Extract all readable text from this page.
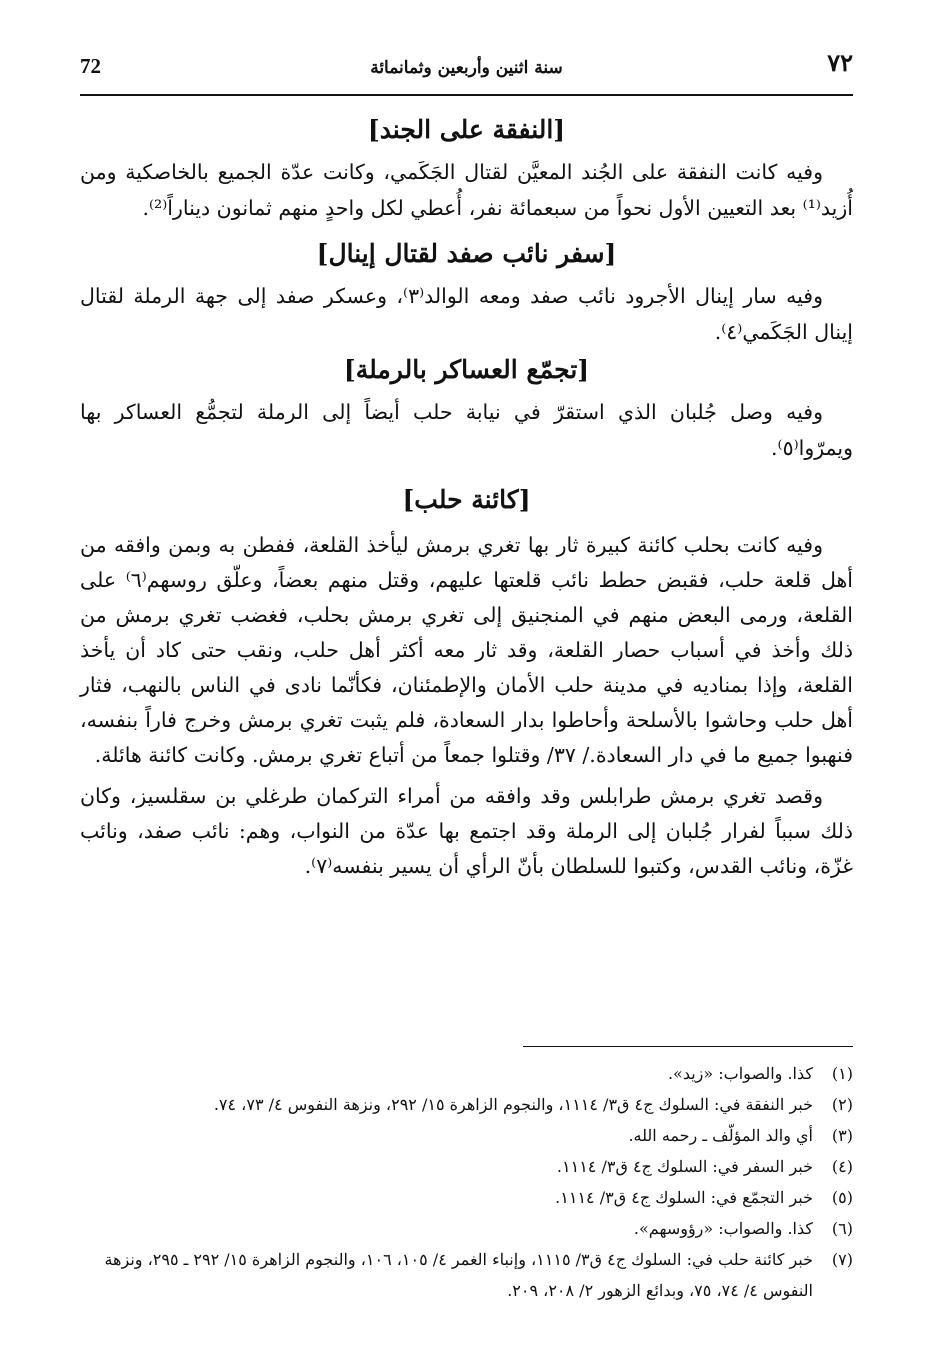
72	سنة اثنين وأربعين وثمانمائة	٧٢
[النفقة على الجند]

وفيه كانت النفقة على الجُند المعيَّن لقتال الجَكَمي، وكانت عدّة الجميع بالخاصكية ومن أُزيد⁽¹⁾ بعد التعيين الأول نحواً من سبعمائة نفر، أُعطي لكل واحدٍ منهم ثمانون ديناراً⁽²⁾.

[سفر نائب صفد لقتال إينال]

وفيه سار إينال الأجرود نائب صفد ومعه الوالد⁽٣⁾، وعسكر صفد إلى جهة الرملة لقتال إينال الجَكَمي⁽٤⁾.

[تجمّع العساكر بالرملة]

وفيه وصل جُلبان الذي استقرّ في نيابة حلب أيضاً إلى الرملة لتجمُّع العساكر بها ويمرّوا⁽٥⁾.

[كائنة حلب]

وفيه كانت بحلب كائنة كبيرة ثار بها تغري برمش ليأخذ القلعة، ففطن به وبمن وافقه من أهل قلعة حلب، فقبض حطط نائب قلعتها عليهم، وقتل منهم بعضاً، وعلّق روسهم⁽٦⁾ على القلعة، ورمى البعض منهم في المنجنيق إلى تغري برمش بحلب، فغضب تغري برمش من ذلك وأخذ في أسباب حصار القلعة، وقد ثار معه أكثر أهل حلب، ونقب حتى كاد أن يأخذ القلعة، وإذا بمناديه في مدينة حلب الأمان والإطمئنان، فكأنّما نادى في الناس بالنهب، فثار أهل حلب وحاشوا بالأسلحة وأحاطوا بدار السعادة، فلم يثبت تغري برمش وخرج فاراً بنفسه، فنهبوا جميع ما في دار السعادة./ ٣٧/ وقتلوا جمعاً من أتباع تغري برمش. وكانت كائنة هائلة.

وقصد تغري برمش طرابلس وقد وافقه من أمراء التركمان طرغلي بن سقلسيز، وكان ذلك سبباً لفرار جُلبان إلى الرملة وقد اجتمع بها عدّة من النواب، وهم: نائب صفد، ونائب غزّة، ونائب القدس، وكتبوا للسلطان بأنّ الرأي أن يسير بنفسه⁽٧⁾.

(١)
كذا. والصواب: «زيد».
(٢)
خبر النفقة في: السلوك ج٤ ق٣/ ١١١٤، والنجوم الزاهرة ١٥/ ٢٩٢، ونزهة النفوس ٤/ ٧٣، ٧٤.
(٣)
أي والد المؤلّف ـ رحمه الله.
(٤)
خبر السفر في: السلوك ج٤ ق٣/ ١١١٤.
(٥)
خبر التجمّع في: السلوك ج٤ ق٣/ ١١١٤.
(٦)
كذا. والصواب: «رؤوسهم».
(٧)
خبر كائنة حلب في: السلوك ج٤ ق٣/ ١١١٥، وإنباء الغمر ٤/ ١٠٥، ١٠٦، والنجوم الزاهرة ١٥/ ٢٩٢ ـ ٢٩٥، ونزهة النفوس ٤/ ٧٤، ٧٥، وبدائع الزهور ٢/ ٢٠٨، ٢٠٩.
